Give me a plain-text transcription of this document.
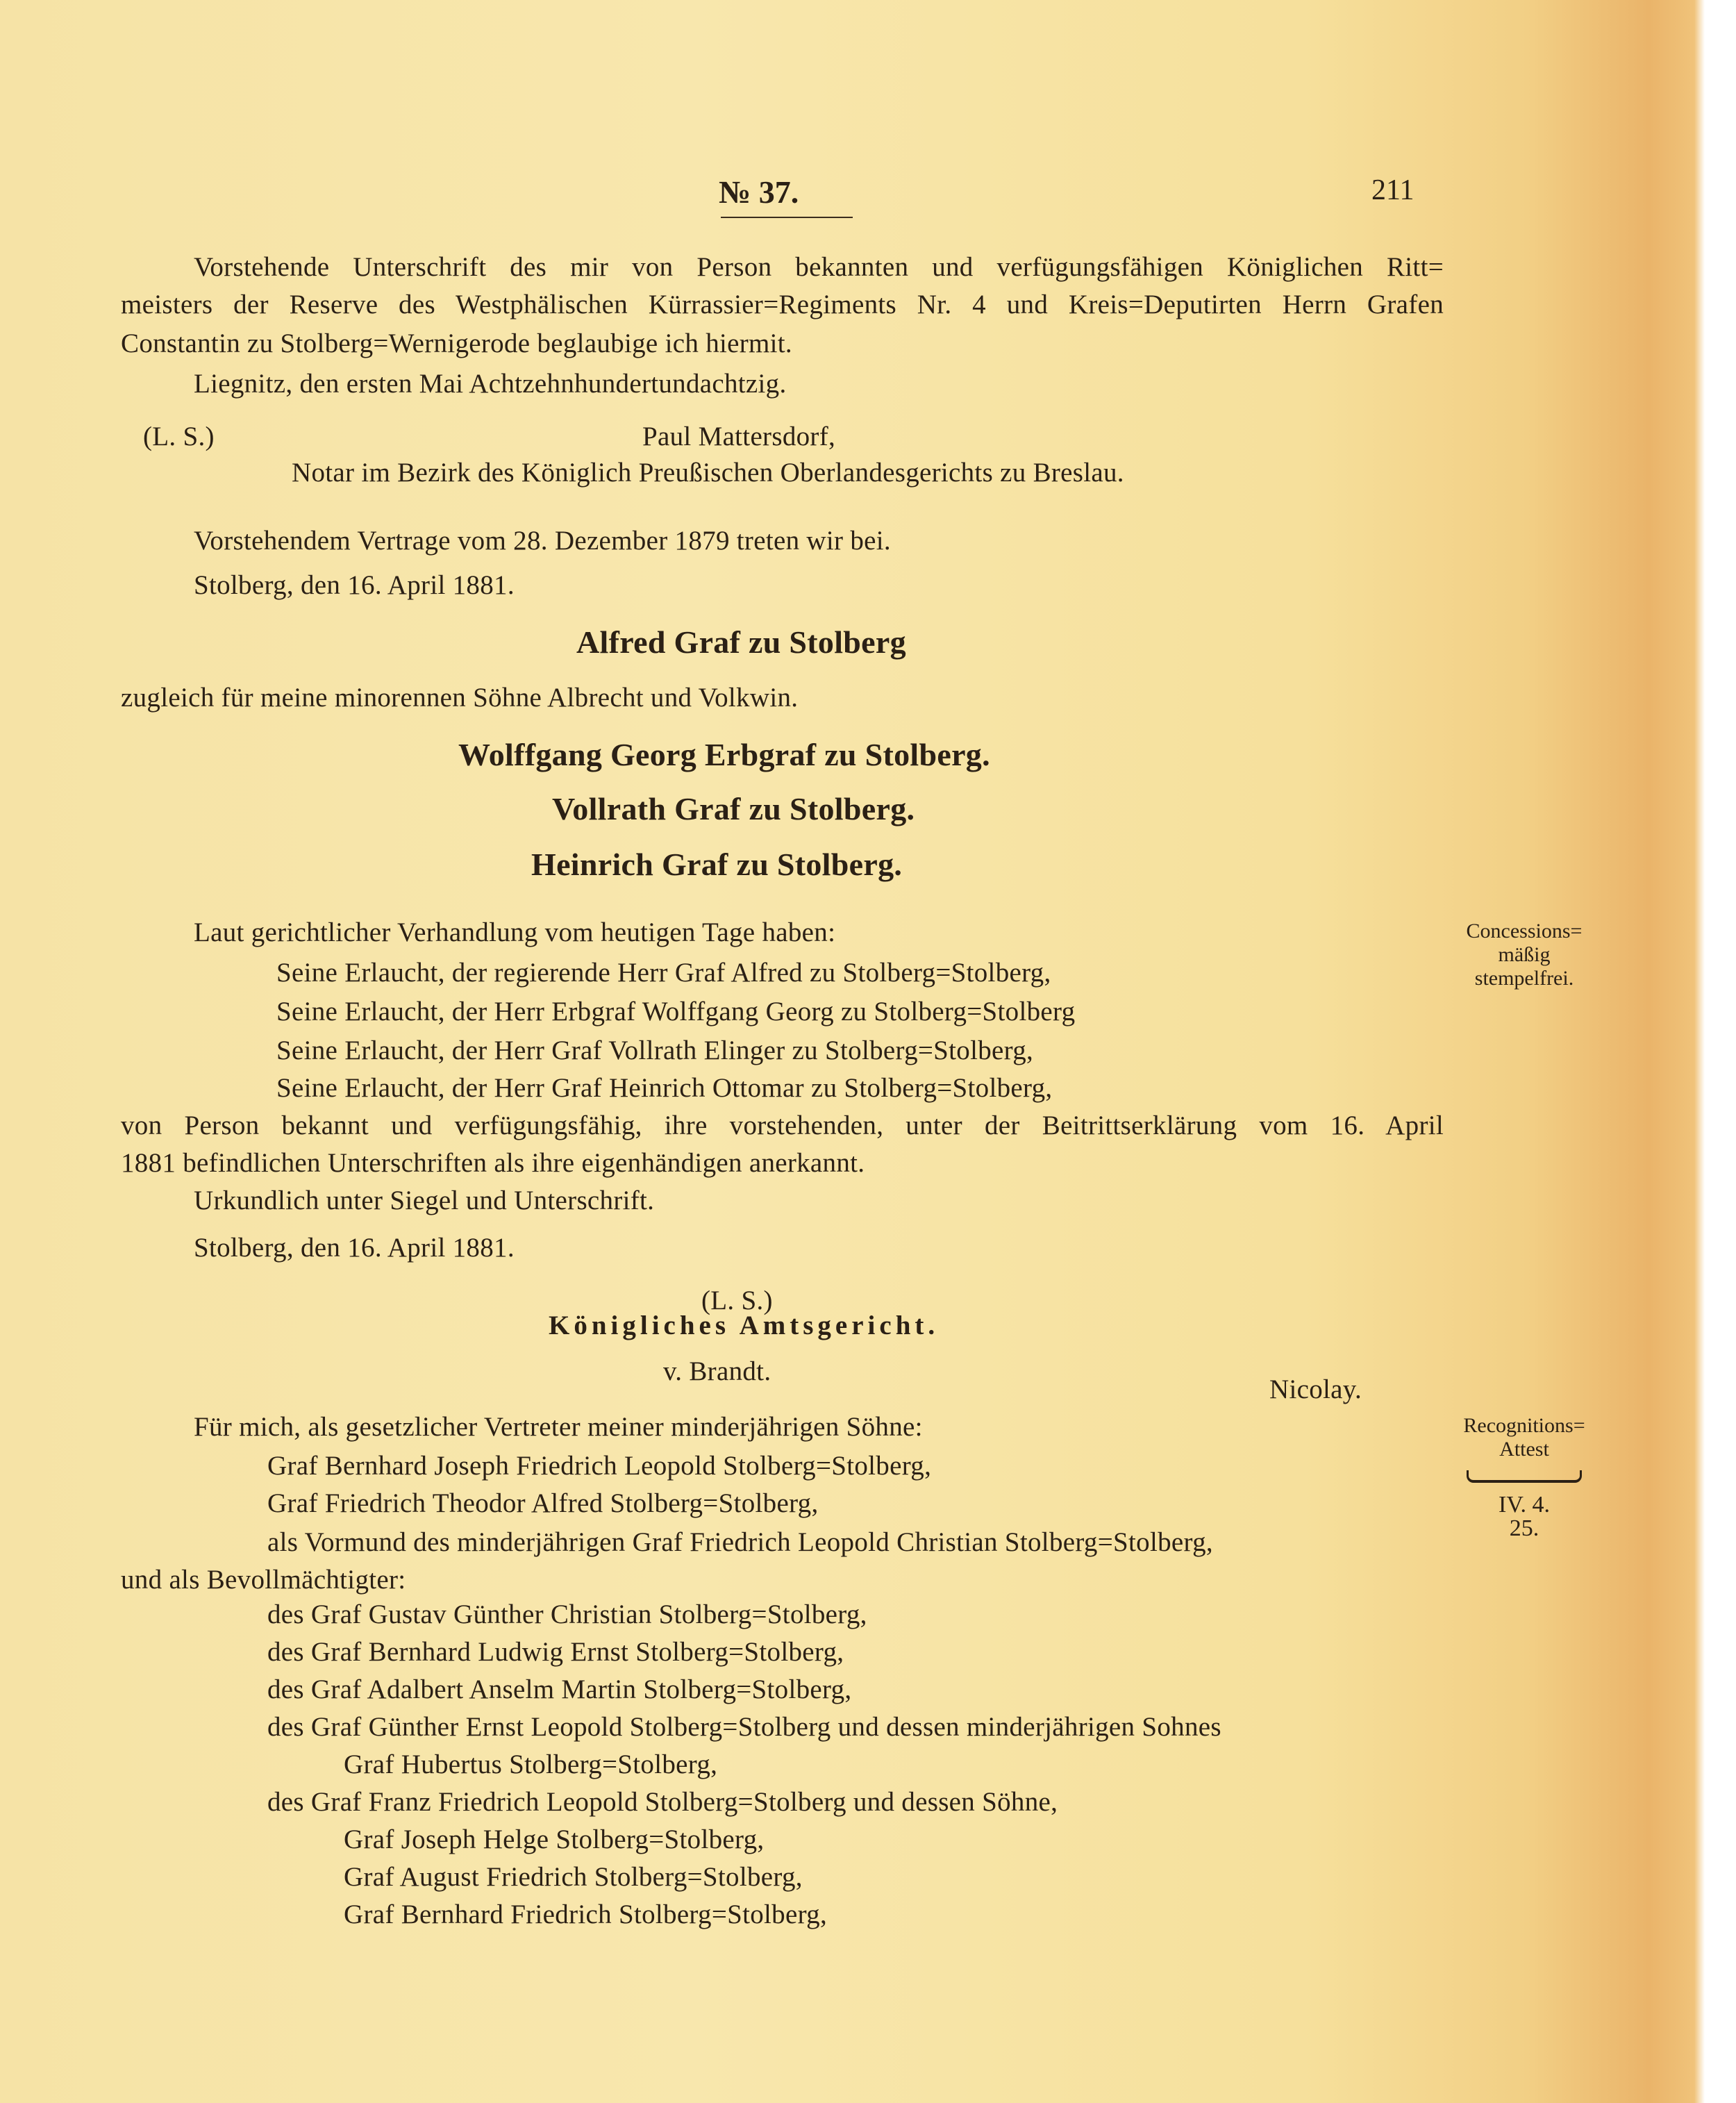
№ 37.	211
Vorstehende Unterschrift des mir von Person bekannten und verfügungsfähigen Königlichen Ritt=
meisters der Reserve des Westphälischen Kürrassier=Regiments Nr. 4 und Kreis=Deputirten Herrn Grafen
Constantin zu Stolberg=Wernigerode beglaubige ich hiermit.
Liegnitz, den ersten Mai Achtzehnhundertundachtzig.
(L. S.)	Paul Mattersdorf,
Notar im Bezirk des Königlich Preußischen Oberlandesgerichts zu Breslau.
Vorstehendem Vertrage vom 28. Dezember 1879 treten wir bei.
Stolberg, den 16. April 1881.
Alfred Graf zu Stolberg
zugleich für meine minorennen Söhne Albrecht und Volkwin.
Wolffgang Georg Erbgraf zu Stolberg.
Vollrath Graf zu Stolberg.
Heinrich Graf zu Stolberg.
Laut gerichtlicher Verhandlung vom heutigen Tage haben:
Seine Erlaucht, der regierende Herr Graf Alfred zu Stolberg=Stolberg,
Seine Erlaucht, der Herr Erbgraf Wolffgang Georg zu Stolberg=Stolberg
Seine Erlaucht, der Herr Graf Vollrath Elinger zu Stolberg=Stolberg,
Seine Erlaucht, der Herr Graf Heinrich Ottomar zu Stolberg=Stolberg,
von Person bekannt und verfügungsfähig, ihre vorstehenden, unter der Beitrittserklärung vom 16. April
1881 befindlichen Unterschriften als ihre eigenhändigen anerkannt.
Urkundlich unter Siegel und Unterschrift.
Stolberg, den 16. April 1881.
(L. S.)
Königliches Amtsgericht.
v. Brandt.
Nicolay.
Concessions=
mäßig
stempelfrei.
Für mich, als gesetzlicher Vertreter meiner minderjährigen Söhne:
Graf Bernhard Joseph Friedrich Leopold Stolberg=Stolberg,
Graf Friedrich Theodor Alfred Stolberg=Stolberg,
als Vormund des minderjährigen Graf Friedrich Leopold Christian Stolberg=Stolberg,
und als Bevollmächtigter:
des Graf Gustav Günther Christian Stolberg=Stolberg,
des Graf Bernhard Ludwig Ernst Stolberg=Stolberg,
des Graf Adalbert Anselm Martin Stolberg=Stolberg,
des Graf Günther Ernst Leopold Stolberg=Stolberg und dessen minderjährigen Sohnes
Graf Hubertus Stolberg=Stolberg,
des Graf Franz Friedrich Leopold Stolberg=Stolberg und dessen Söhne,
Graf Joseph Helge Stolberg=Stolberg,
Graf August Friedrich Stolberg=Stolberg,
Graf Bernhard Friedrich Stolberg=Stolberg,
Recognitions=
Attest
IV. 4.
25.
